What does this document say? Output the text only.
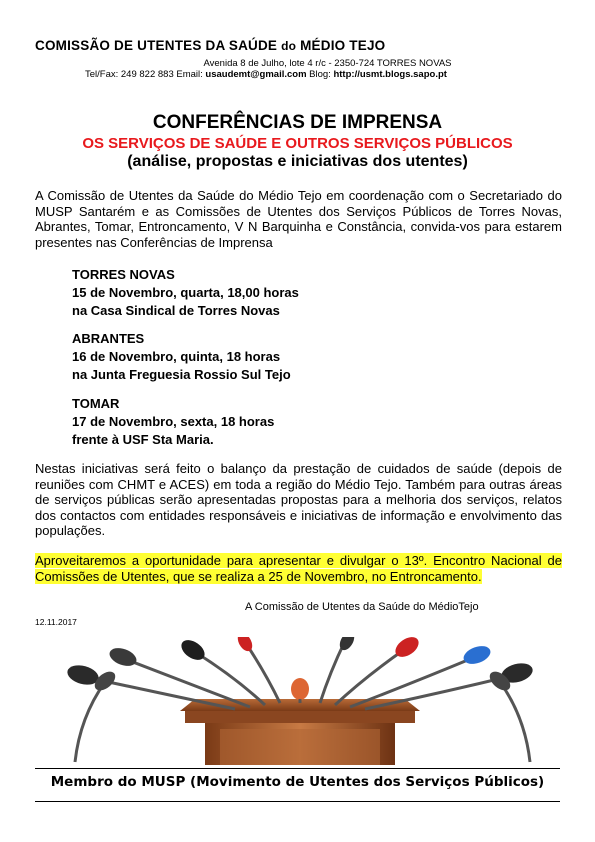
COMISSÃO DE UTENTES DA SAÚDE do MÉDIO TEJO
Avenida 8 de Julho, lote 4 r/c - 2350-724 TORRES NOVAS
Tel/Fax: 249 822 883 Email: usaudemt@gmail.com Blog: http://usmt.blogs.sapo.pt
CONFERÊNCIAS DE IMPRENSA
OS SERVIÇOS DE SAÚDE E OUTROS SERVIÇOS PÚBLICOS
(análise, propostas e iniciativas dos utentes)
A Comissão de Utentes da Saúde do Médio Tejo em coordenação com o Secretariado do MUSP Santarém e as Comissões de Utentes dos Serviços Públicos de Torres Novas, Abrantes, Tomar, Entroncamento, V N Barquinha e Constância, convida-vos para estarem presentes nas Conferências de Imprensa
TORRES NOVAS
15 de Novembro, quarta, 18,00 horas
na Casa Sindical de Torres Novas
ABRANTES
16 de Novembro, quinta, 18 horas
na Junta Freguesia Rossio Sul Tejo
TOMAR
17 de Novembro, sexta, 18 horas
frente à USF Sta Maria.
Nestas iniciativas será feito o balanço da prestação de cuidados de saúde (depois de reuniões com CHMT e ACES) em toda a região do Médio Tejo. Também para outras áreas de serviços públicas serão apresentadas propostas para a melhoria dos serviços, relatos dos contactos com entidades responsáveis e iniciativas de informação e envolvimento das populações.
Aproveitaremos a oportunidade para apresentar e divulgar o 13º. Encontro Nacional de Comissões de Utentes, que se realiza a 25 de Novembro, no Entroncamento.
A Comissão de Utentes da Saúde do MédioTejo
12.11.2017
Membro do MUSP (Movimento de Utentes dos Serviços Públicos)
